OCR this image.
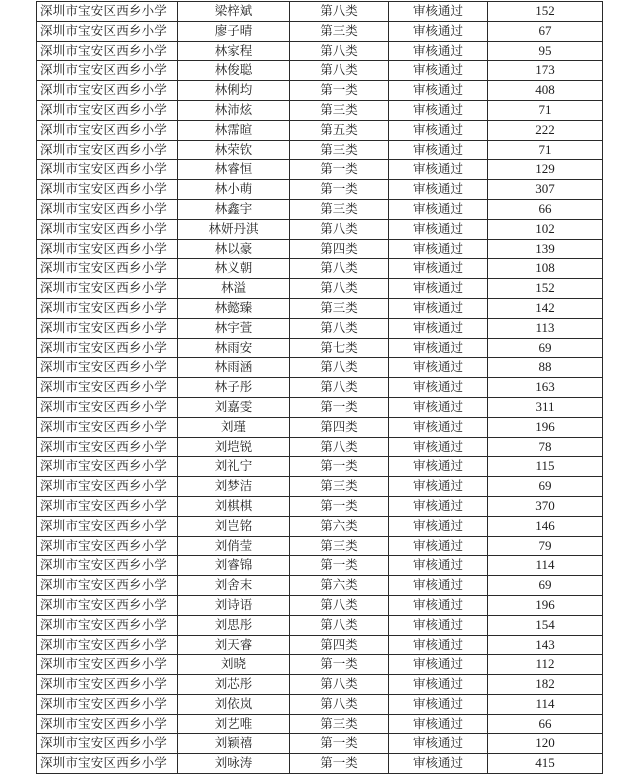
深圳市宝安区西乡小学	梁梓斌	第八类	审核通过	152
深圳市宝安区西乡小学	廖子晴	第三类	审核通过	67
深圳市宝安区西乡小学	林家程	第八类	审核通过	95
深圳市宝安区西乡小学	林俊聪	第八类	审核通过	173
深圳市宝安区西乡小学	林俐均	第一类	审核通过	408
深圳市宝安区西乡小学	林沛炫	第三类	审核通过	71
深圳市宝安区西乡小学	林霈暄	第五类	审核通过	222
深圳市宝安区西乡小学	林荣钦	第三类	审核通过	71
深圳市宝安区西乡小学	林睿恒	第一类	审核通过	129
深圳市宝安区西乡小学	林小萌	第一类	审核通过	307
深圳市宝安区西乡小学	林鑫宇	第三类	审核通过	66
深圳市宝安区西乡小学	林妍丹淇	第八类	审核通过	102
深圳市宝安区西乡小学	林以豪	第四类	审核通过	139
深圳市宝安区西乡小学	林义朝	第八类	审核通过	108
深圳市宝安区西乡小学	林溢	第八类	审核通过	152
深圳市宝安区西乡小学	林懿臻	第三类	审核通过	142
深圳市宝安区西乡小学	林宇萱	第八类	审核通过	113
深圳市宝安区西乡小学	林雨安	第七类	审核通过	69
深圳市宝安区西乡小学	林雨涵	第八类	审核通过	88
深圳市宝安区西乡小学	林子彤	第八类	审核通过	163
深圳市宝安区西乡小学	刘嘉雯	第一类	审核通过	311
深圳市宝安区西乡小学	刘瑾	第四类	审核通过	196
深圳市宝安区西乡小学	刘垲锐	第八类	审核通过	78
深圳市宝安区西乡小学	刘礼宁	第一类	审核通过	115
深圳市宝安区西乡小学	刘梦洁	第三类	审核通过	69
深圳市宝安区西乡小学	刘棋棋	第一类	审核通过	370
深圳市宝安区西乡小学	刘岂铭	第六类	审核通过	146
深圳市宝安区西乡小学	刘俏莹	第三类	审核通过	79
深圳市宝安区西乡小学	刘睿锦	第一类	审核通过	114
深圳市宝安区西乡小学	刘舍末	第六类	审核通过	69
深圳市宝安区西乡小学	刘诗语	第八类	审核通过	196
深圳市宝安区西乡小学	刘思彤	第八类	审核通过	154
深圳市宝安区西乡小学	刘天睿	第四类	审核通过	143
深圳市宝安区西乡小学	刘晓	第一类	审核通过	112
深圳市宝安区西乡小学	刘芯彤	第八类	审核通过	182
深圳市宝安区西乡小学	刘依岚	第八类	审核通过	114
深圳市宝安区西乡小学	刘艺唯	第三类	审核通过	66
深圳市宝安区西乡小学	刘颖禧	第一类	审核通过	120
深圳市宝安区西乡小学	刘咏涛	第一类	审核通过	415
